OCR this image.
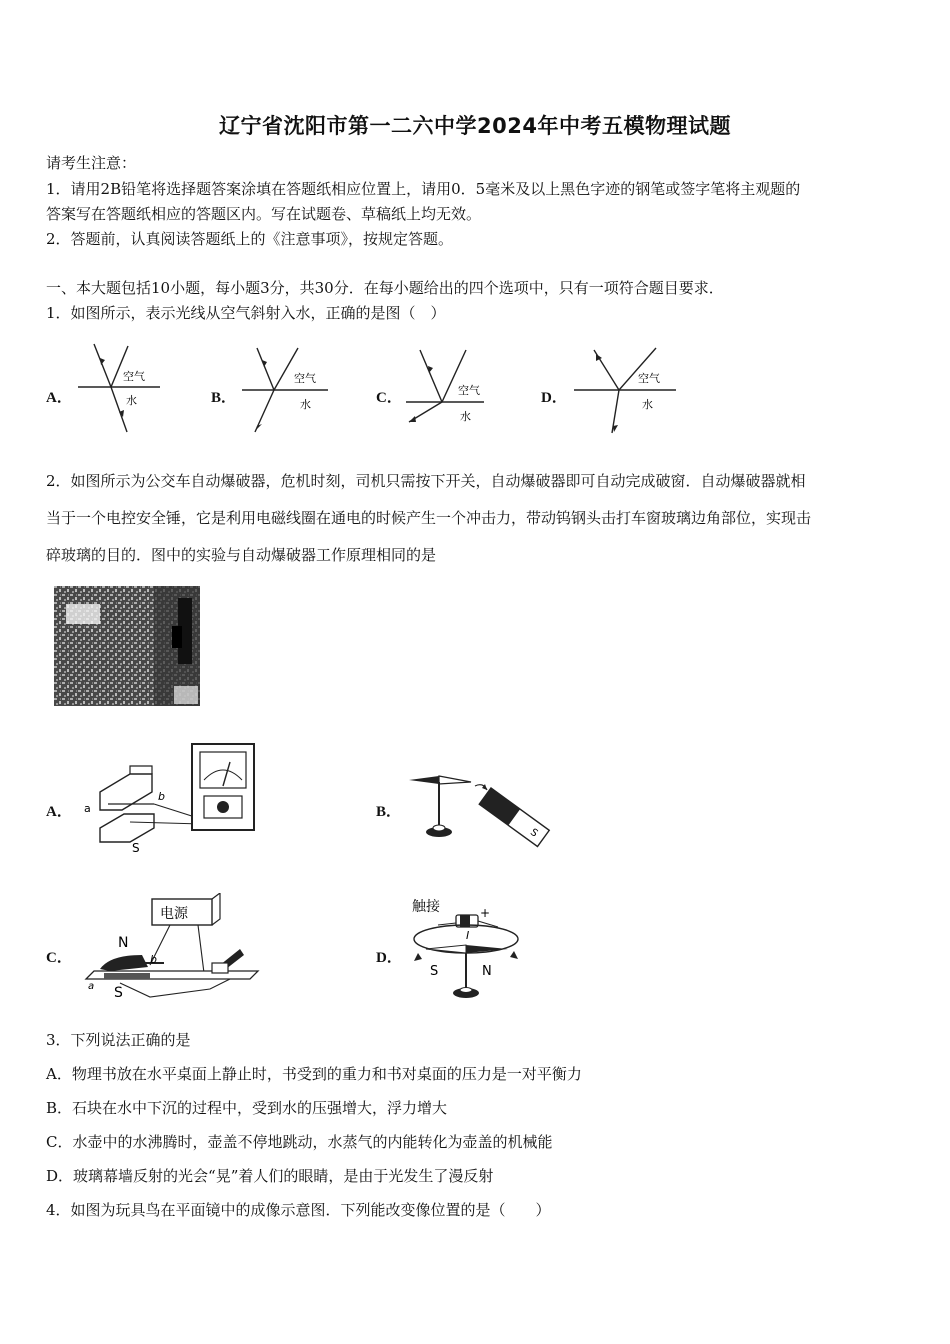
辽宁省沈阳市第一二六中学2024年中考五模物理试题
请考生注意：
1．请用2B铅笔将选择题答案涂填在答题纸相应位置上，请用0．5毫米及以上黑色字迹的钢笔或签字笔将主观题的
答案写在答题纸相应的答题区内。写在试题卷、草稿纸上均无效。
2．答题前，认真阅读答题纸上的《注意事项》，按规定答题。
一、本大题包括10小题，每小题3分，共30分．在每小题给出的四个选项中，只有一项符合题目要求．
1．如图所示，表示光线从空气斜射入水，正确的是图（　）
A．	B．	C．	D．
空气
水
空气
水
空气
水
空气
水
2．如图所示为公交车自动爆破器，危机时刻，司机只需按下开关，自动爆破器即可自动完成破窗．自动爆破器就相
当于一个电控安全锤，它是利用电磁线圈在通电的时候产生一个冲击力，带动钨钢头击打车窗玻璃边角部位，实现击
碎玻璃的目的．图中的实验与自动爆破器工作原理相同的是
A．	B．
C．	D．
a
b
S
S
电源
N
S
a
b
触接	+
I
S	N
3．下列说法正确的是
A．物理书放在水平桌面上静止时，书受到的重力和书对桌面的压力是一对平衡力
B．石块在水中下沉的过程中，受到水的压强增大，浮力增大
C．水壶中的水沸腾时，壶盖不停地跳动，水蒸气的内能转化为壶盖的机械能
D．玻璃幕墙反射的光会“晃”着人们的眼睛，是由于光发生了漫反射
4．如图为玩具鸟在平面镜中的成像示意图．下列能改变像位置的是（　　）
